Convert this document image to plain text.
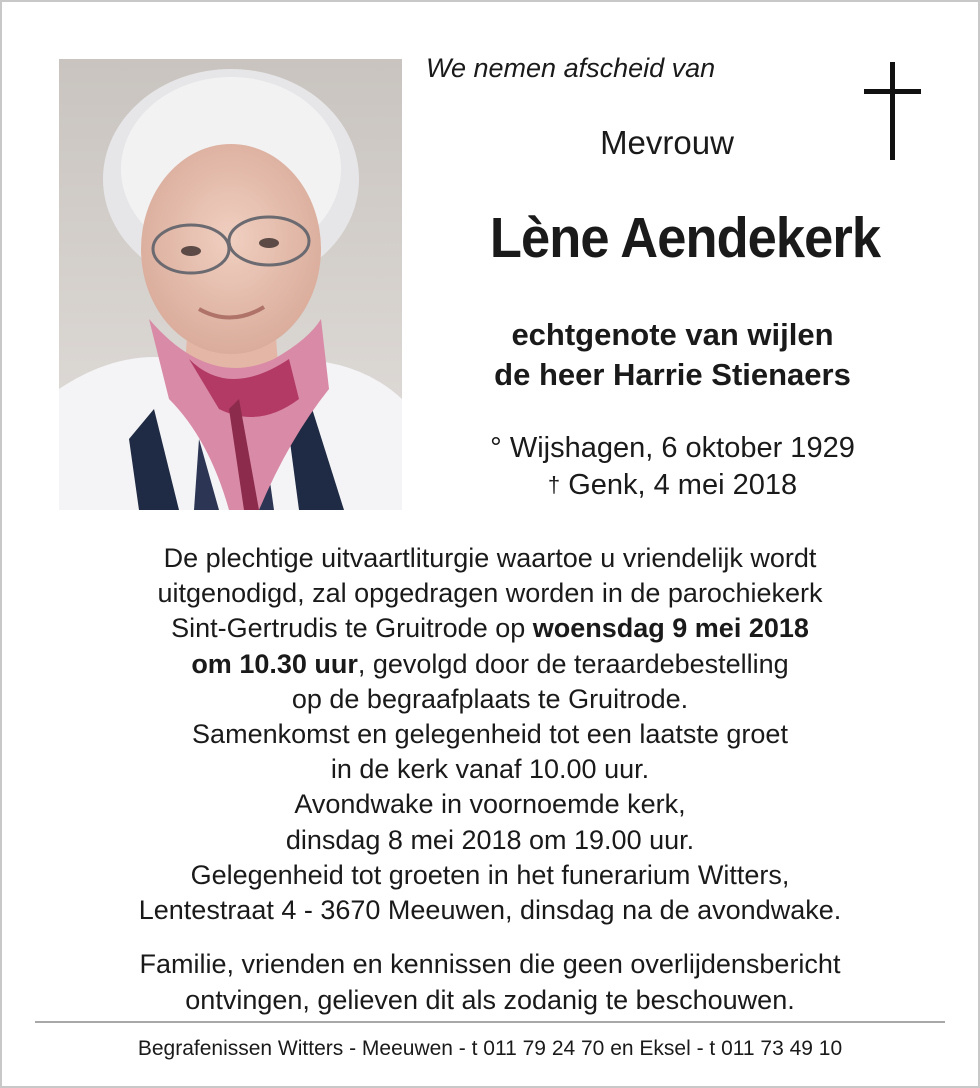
We nemen afscheid van
Mevrouw
Lène Aendekerk
echtgenote van wijlen
de heer Harrie Stienaers
° Wijshagen, 6 oktober 1929
† Genk, 4 mei 2018
De plechtige uitvaartliturgie waartoe u vriendelijk wordt
uitgenodigd, zal opgedragen worden in de parochiekerk
Sint-Gertrudis te Gruitrode op woensdag 9 mei 2018
om 10.30 uur, gevolgd door de teraardebestelling
op de begraafplaats te Gruitrode.
Samenkomst en gelegenheid tot een laatste groet
in de kerk vanaf 10.00 uur.
Avondwake in voornoemde kerk,
dinsdag 8 mei 2018 om 19.00 uur.
Gelegenheid tot groeten in het funerarium Witters,
Lentestraat 4 - 3670 Meeuwen, dinsdag na de avondwake.
Familie, vrienden en kennissen die geen overlijdensbericht
ontvingen, gelieven dit als zodanig te beschouwen.
Begrafenissen Witters - Meeuwen - t 011 79 24 70 en Eksel - t 011 73 49 10
